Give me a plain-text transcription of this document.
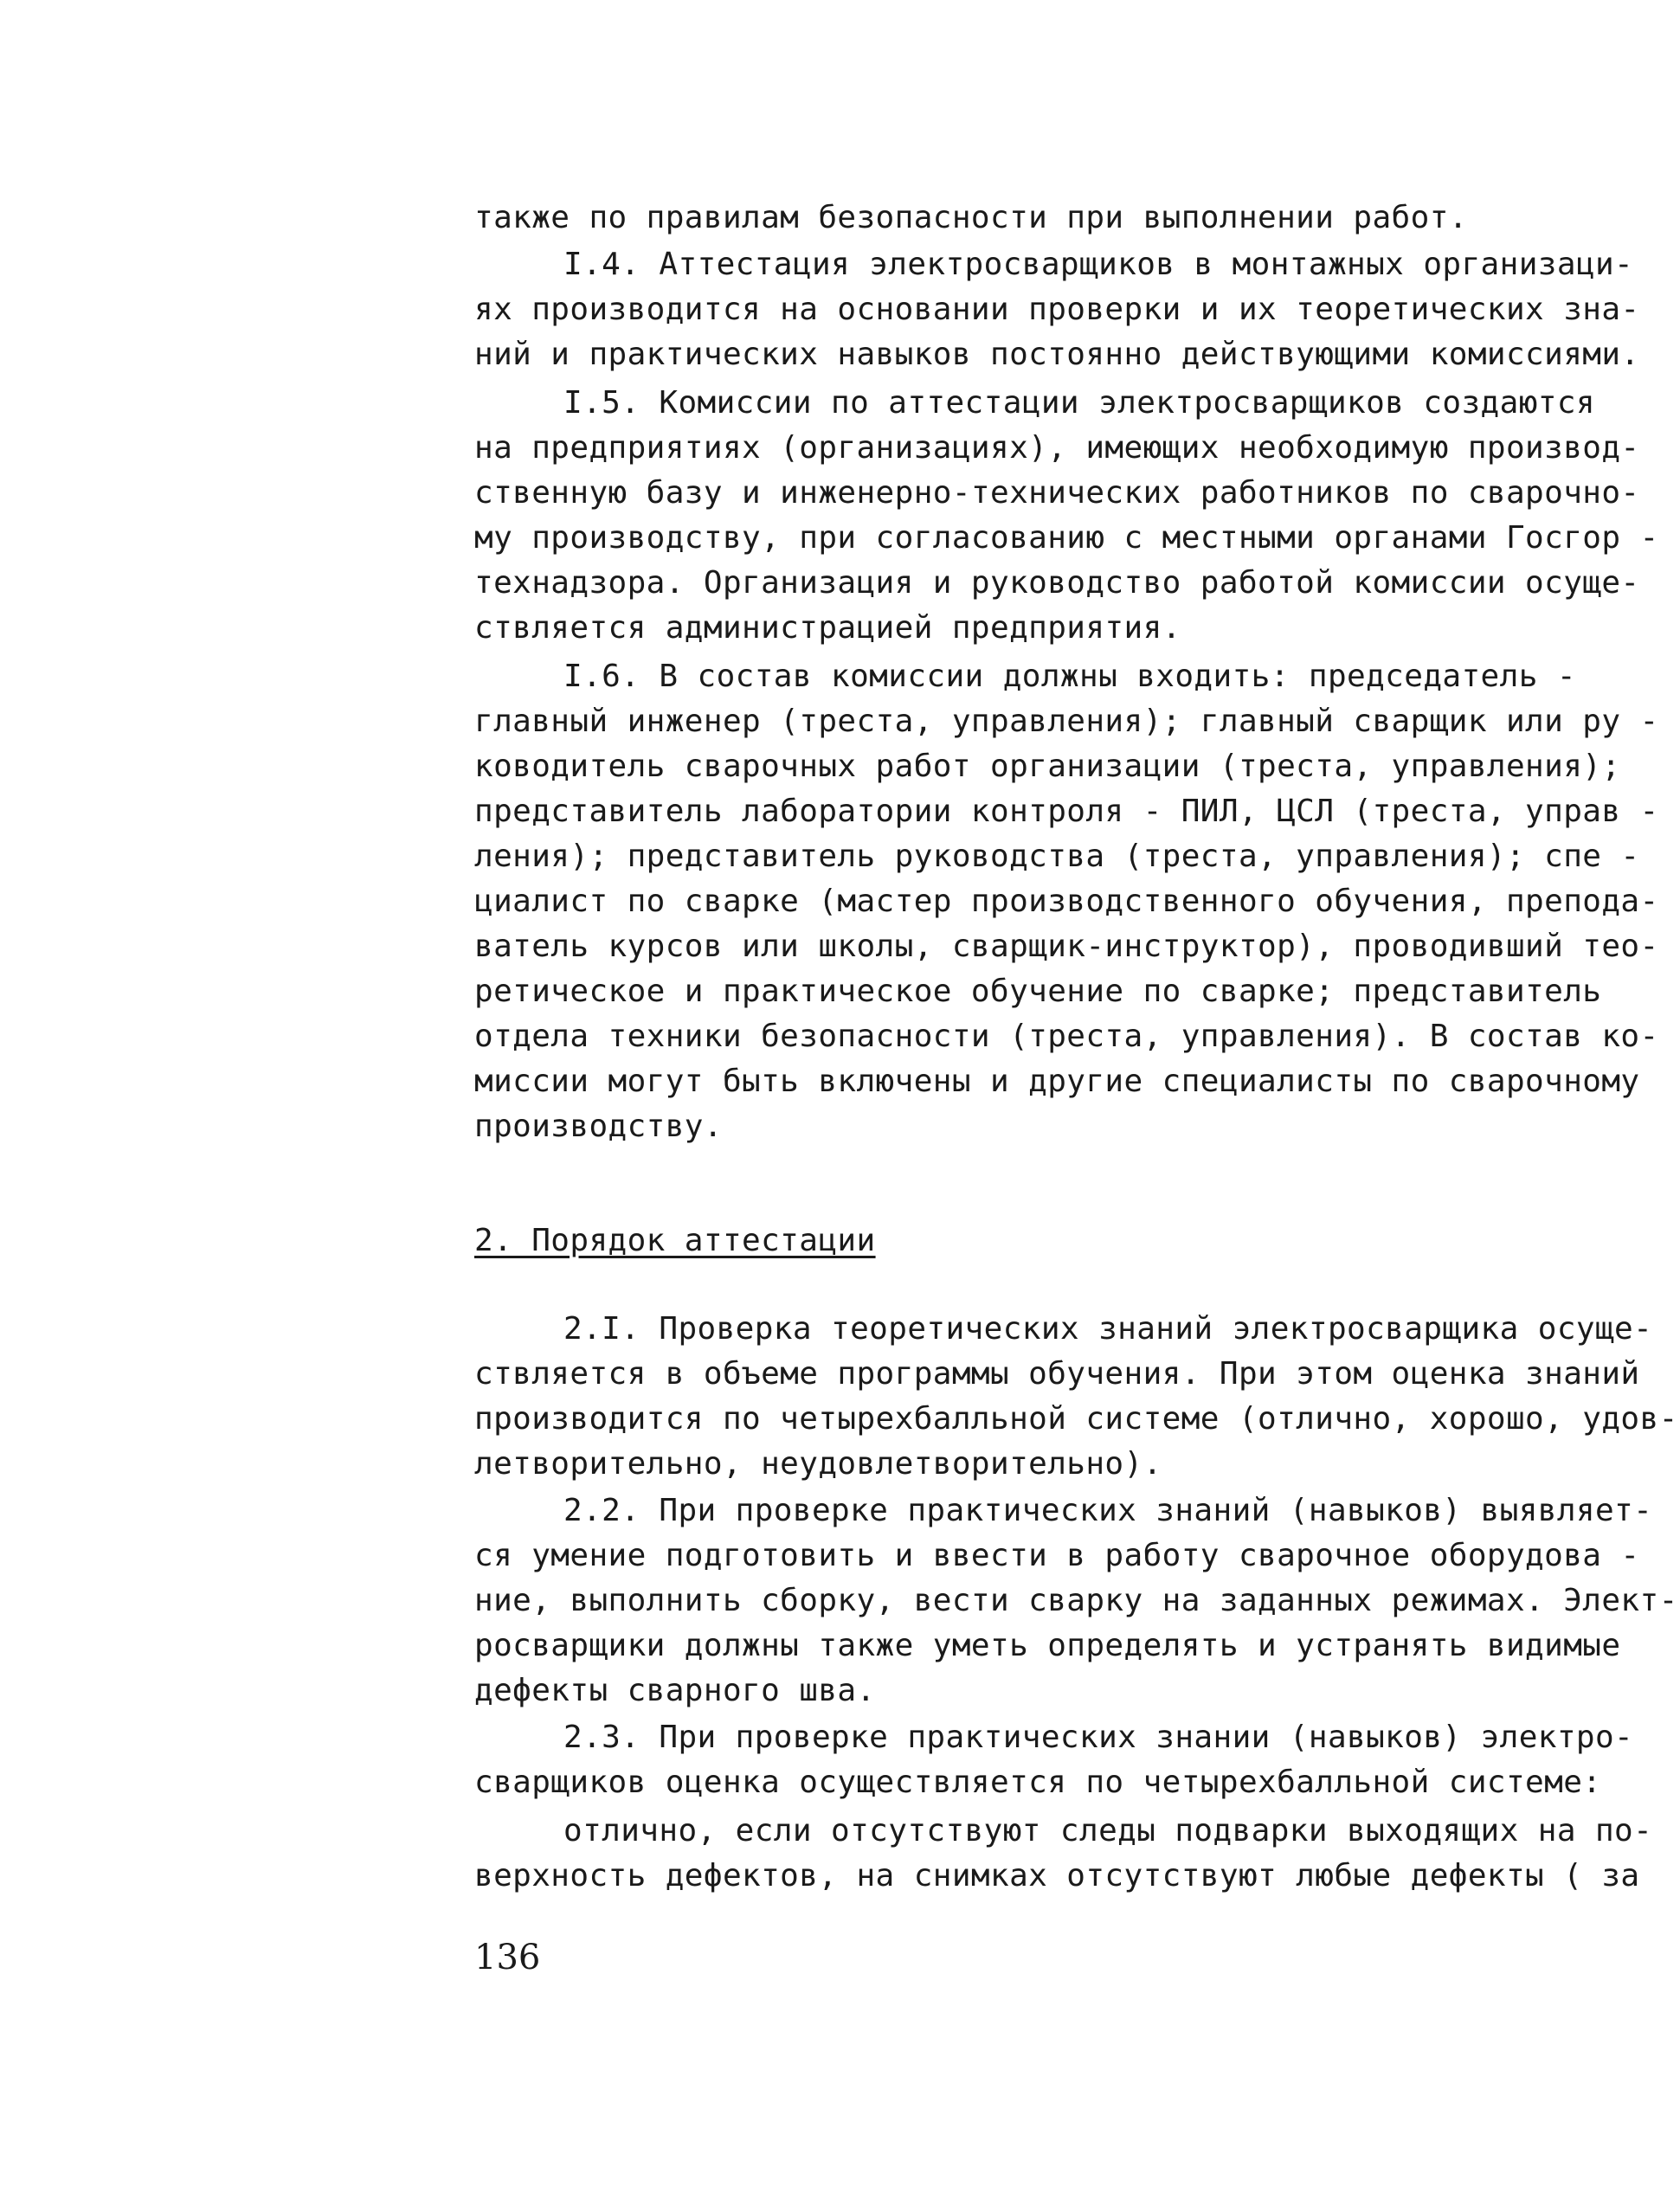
также по правилам безопасности при выполнении работ.
I.4. Аттестация электросварщиков в монтажных организаци-
ях производится на основании проверки и их теоретических зна-
ний и практических навыков постоянно действующими комиссиями.
I.5. Комиссии по аттестации электросварщиков создаются
на предприятиях (организациях), имеющих необходимую производ-
ственную базу и инженерно-технических работников по сварочно-
му производству, при согласованию с местными органами Госгор -
технадзора. Организация и руководство работой комиссии осуще-
ствляется администрацией предприятия.
I.6. В состав комиссии должны входить: председатель -
главный инженер (треста, управления); главный сварщик или ру -
ководитель сварочных работ организации (треста, управления);
представитель лаборатории контроля - ПИЛ, ЦСЛ (треста, управ -
ления); представитель руководства (треста, управления); спе -
циалист по сварке (мастер производственного обучения, препода-
ватель курсов или школы, сварщик-инструктор), проводивший тео-
ретическое и практическое обучение по сварке; представитель
отдела техники безопасности (треста, управления). В состав ко-
миссии могут быть включены и другие специалисты по сварочному
производству.
2. Порядок аттестации
2.I. Проверка теоретических знаний электросварщика осуще-
ствляется в объеме программы обучения. При этом оценка знаний
производится по четырехбалльной системе (отлично, хорошо, удов-
летворительно, неудовлетворительно).
2.2. При проверке практических знаний (навыков) выявляет-
ся умение подготовить и ввести в работу сварочное оборудова -
ние, выполнить сборку, вести сварку на заданных режимах. Элект-
росварщики должны также уметь определять и устранять видимые
дефекты сварного шва.
2.3. При проверке практических знании (навыков) электро-
сварщиков оценка осуществляется по четырехбалльной системе:
отлично, если отсутствуют следы подварки выходящих на по-
верхность дефектов, на снимках отсутствуют любые дефекты ( за
136
